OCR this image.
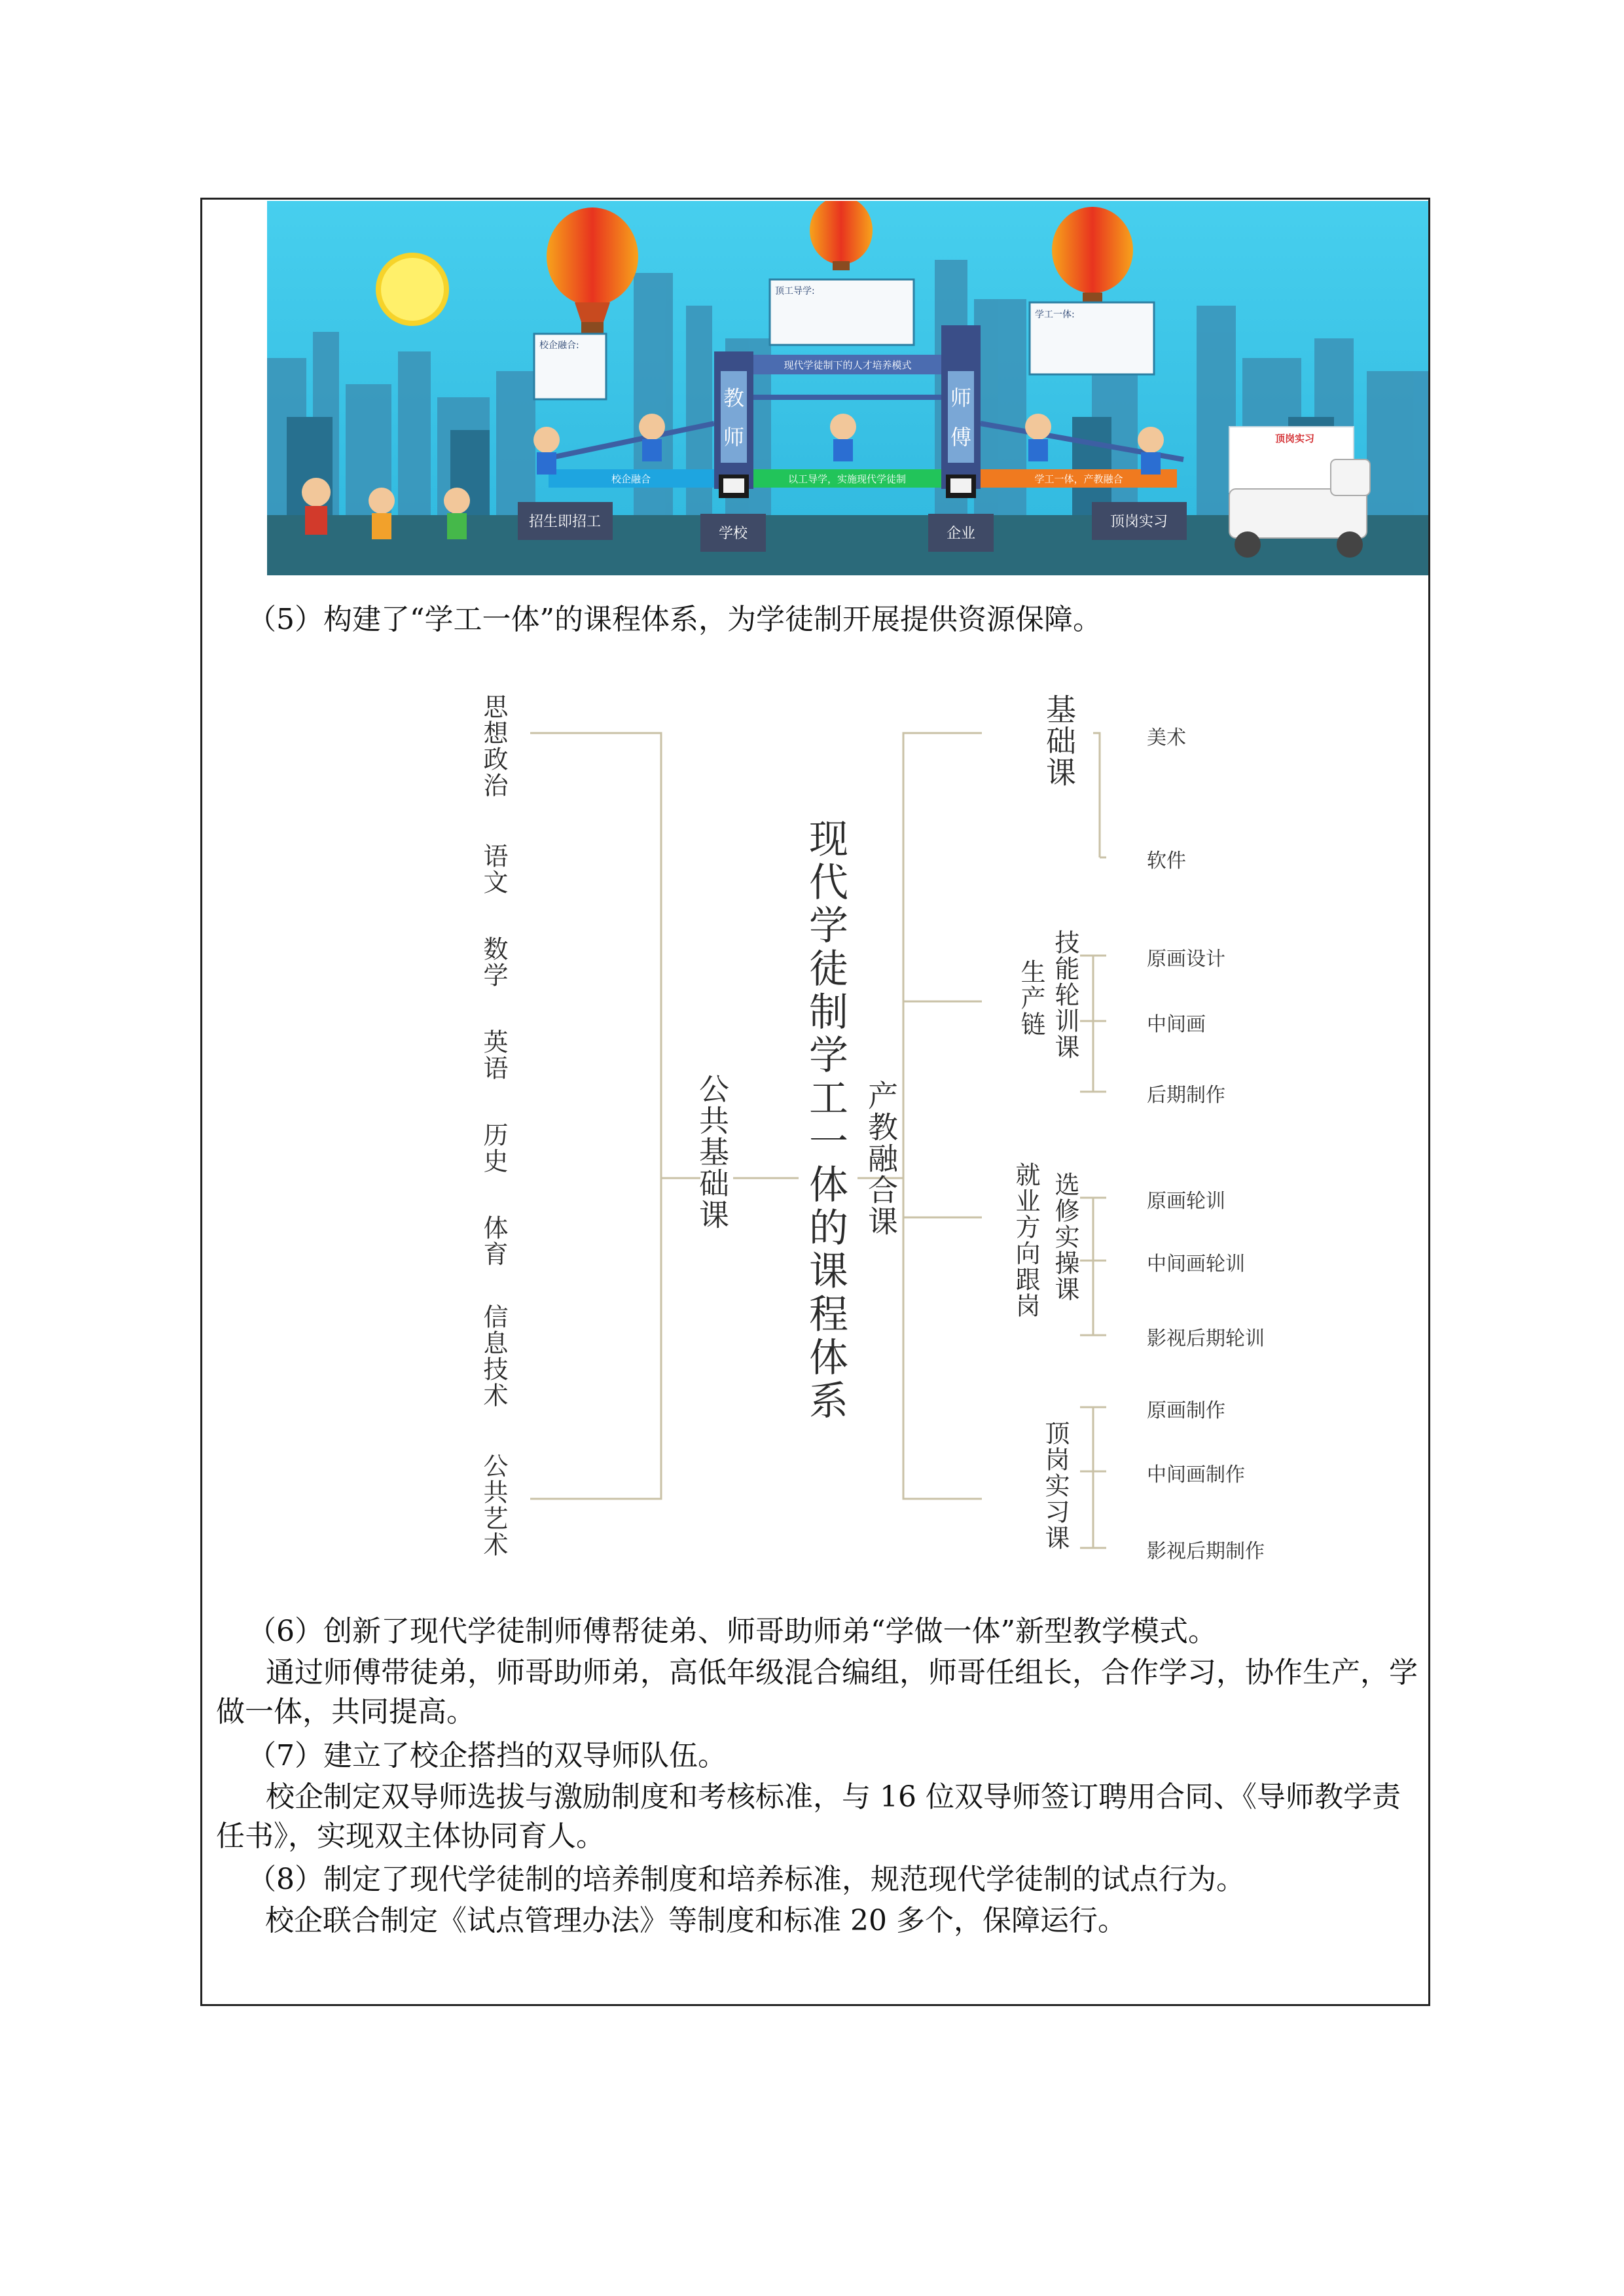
校企融合:
顶工导学:
学工一体:
顶岗实习
现代学徒制下的人才培养模式
教
师
师
傅
校企融合	以工导学，实施现代学徒制	学工一体，产教融合
招生即招工
学校	企业
顶岗实习
（5）构建了“学工一体”的课程体系，为学徒制开展提供资源保障。
思想政治
语文
数学
英语
历史
体育
信息技术
公共艺术
公共基础课 现代学徒制学工一体的课程体系 产教融合课
基础课	美术
软件
技能轮训课
生产链	原画设计
中间画
后期制作
选修实操课
就业方向跟岗	原画轮训
中间画轮训
影视后期轮训
顶岗实习课
原画制作
中间画制作
影视后期制作
（6）创新了现代学徒制师傅帮徒弟、师哥助师弟“学做一体”新型教学模式。
通过师傅带徒弟，师哥助师弟，高低年级混合编组，师哥任组长，合作学习，协作生产，学做一体，共同提高。
（7）建立了校企搭挡的双导师队伍。
校企制定双导师选拔与激励制度和考核标准，与 16 位双导师签订聘用合同、《导师教学责任书》，实现双主体协同育人。
（8）制定了现代学徒制的培养制度和培养标准，规范现代学徒制的试点行为。
校企联合制定《试点管理办法》等制度和标准 20 多个，保障运行。
